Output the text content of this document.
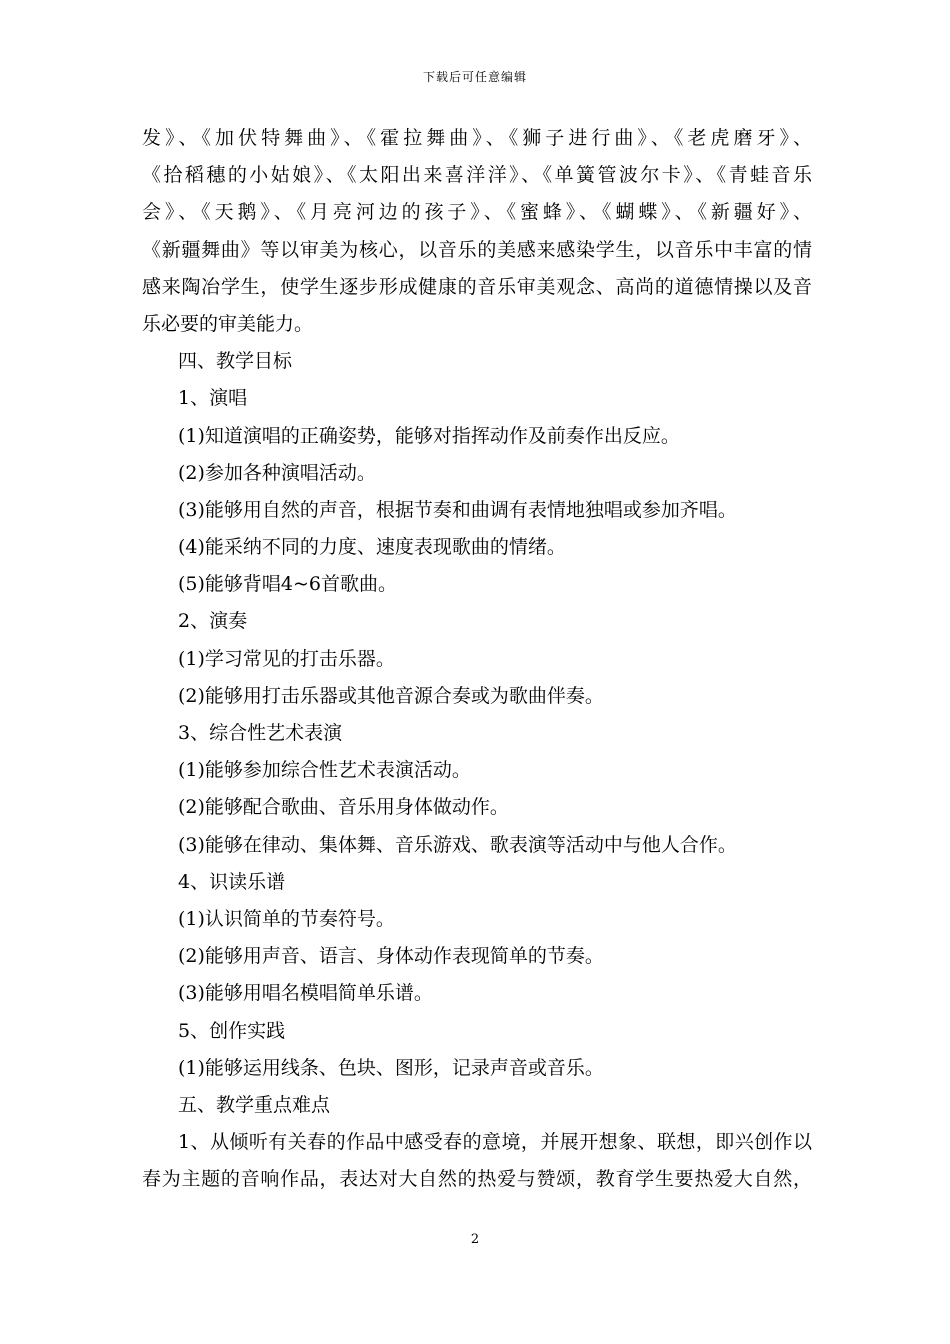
下载后可任意编辑
发》、《加伏特舞曲》、《霍拉舞曲》、《狮子进行曲》、《老虎磨牙》、
《拾稻穗的小姑娘》、《太阳出来喜洋洋》、《单簧管波尔卡》、《青蛙音乐
会》、《天鹅》、《月亮河边的孩子》、《蜜蜂》、《蝴蝶》、《新疆好》、
《新疆舞曲》等以审美为核心，以音乐的美感来感染学生，以音乐中丰富的情
感来陶冶学生，使学生逐步形成健康的音乐审美观念、高尚的道德情操以及音
乐必要的审美能力。
四、教学目标
1、演唱
(1)知道演唱的正确姿势，能够对指挥动作及前奏作出反应。
(2)参加各种演唱活动。
(3)能够用自然的声音，根据节奏和曲调有表情地独唱或参加齐唱。
(4)能采纳不同的力度、速度表现歌曲的情绪。
(5)能够背唱4~6首歌曲。
2、演奏
(1)学习常见的打击乐器。
(2)能够用打击乐器或其他音源合奏或为歌曲伴奏。
3、综合性艺术表演
(1)能够参加综合性艺术表演活动。
(2)能够配合歌曲、音乐用身体做动作。
(3)能够在律动、集体舞、音乐游戏、歌表演等活动中与他人合作。
4、识读乐谱
(1)认识简单的节奏符号。
(2)能够用声音、语言、身体动作表现简单的节奏。
(3)能够用唱名模唱简单乐谱。
5、创作实践
(1)能够运用线条、色块、图形，记录声音或音乐。
五、教学重点难点
1、从倾听有关春的作品中感受春的意境，并展开想象、联想，即兴创作以
春为主题的音响作品，表达对大自然的热爱与赞颂，教育学生要热爱大自然，
2
